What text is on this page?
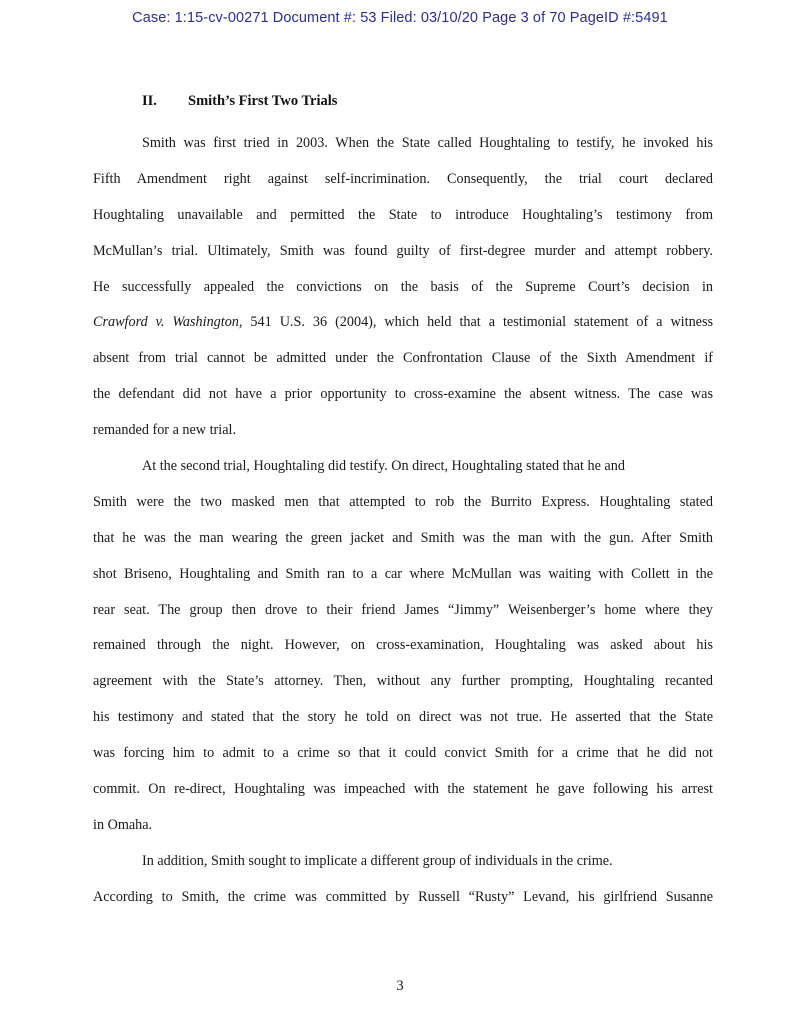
Case: 1:15-cv-00271 Document #: 53 Filed: 03/10/20 Page 3 of 70 PageID #:5491
II. Smith’s First Two Trials
Smith was first tried in 2003. When the State called Houghtaling to testify, he invoked his
Fifth Amendment right against self-incrimination. Consequently, the trial court declared
Houghtaling unavailable and permitted the State to introduce Houghtaling’s testimony from
McMullan’s trial. Ultimately, Smith was found guilty of first-degree murder and attempt robbery.
He successfully appealed the convictions on the basis of the Supreme Court’s decision in
Crawford v. Washington, 541 U.S. 36 (2004), which held that a testimonial statement of a witness
absent from trial cannot be admitted under the Confrontation Clause of the Sixth Amendment if
the defendant did not have a prior opportunity to cross-examine the absent witness. The case was
remanded for a new trial.
At the second trial, Houghtaling did testify. On direct, Houghtaling stated that he and
Smith were the two masked men that attempted to rob the Burrito Express. Houghtaling stated
that he was the man wearing the green jacket and Smith was the man with the gun. After Smith
shot Briseno, Houghtaling and Smith ran to a car where McMullan was waiting with Collett in the
rear seat. The group then drove to their friend James “Jimmy” Weisenberger’s home where they
remained through the night. However, on cross-examination, Houghtaling was asked about his
agreement with the State’s attorney. Then, without any further prompting, Houghtaling recanted
his testimony and stated that the story he told on direct was not true. He asserted that the State
was forcing him to admit to a crime so that it could convict Smith for a crime that he did not
commit. On re-direct, Houghtaling was impeached with the statement he gave following his arrest
in Omaha.
In addition, Smith sought to implicate a different group of individuals in the crime.
According to Smith, the crime was committed by Russell “Rusty” Levand, his girlfriend Susanne
3
